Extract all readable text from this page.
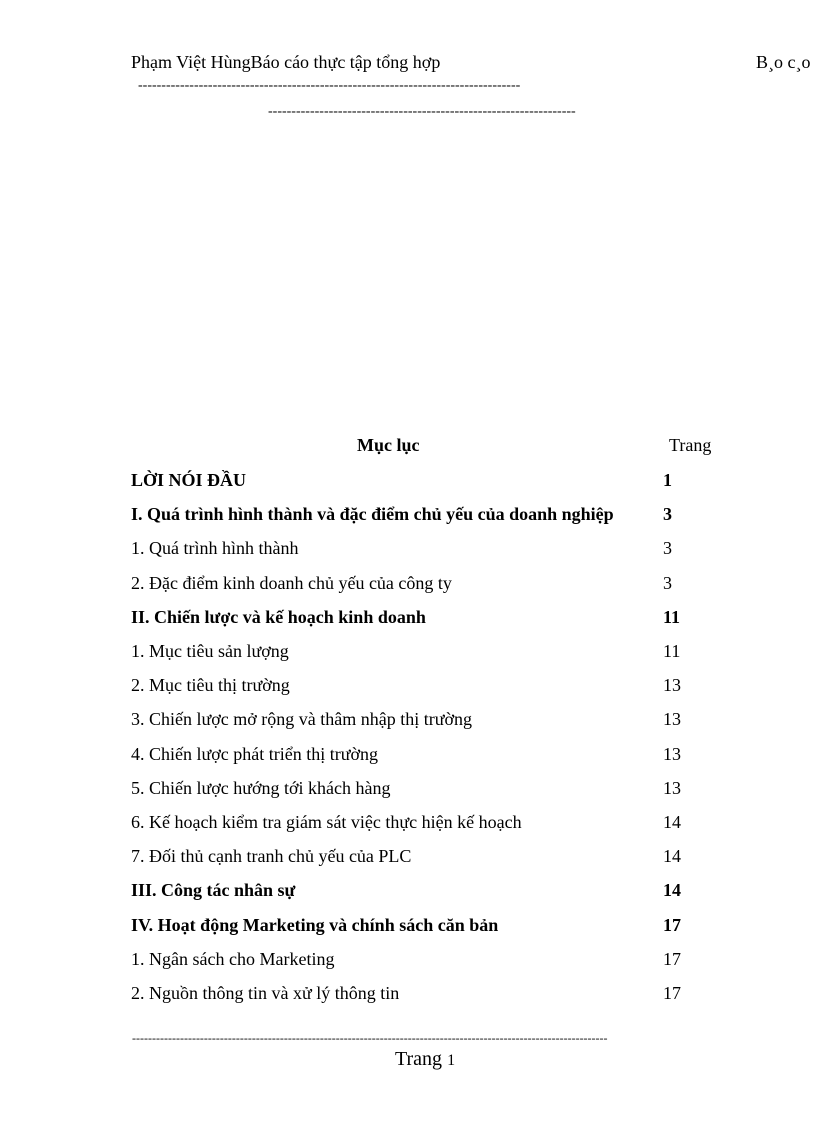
Phạm Việt HùngBáo cáo thực tập tổng hợp	B¸o c¸o
----------------------------------------------------------------------------------
------------------------------------------------------------------
Mục lục	Trang
LỜI NÓI ĐẦU	1
I. Quá trình hình thành và đặc điểm chủ yếu của doanh nghiệp	3
1. Quá trình hình thành	3
2. Đặc điểm kinh doanh chủ yếu của công ty	3
II. Chiến lược và kế hoạch kinh doanh	11
1. Mục tiêu sản lượng	11
2. Mục tiêu thị trường	13
3. Chiến lược mở rộng và thâm nhập thị trường	13
4. Chiến lược phát triển thị trường	13
5. Chiến lược hướng tới khách hàng	13
6. Kế hoạch kiểm tra giám sát việc thực hiện kế hoạch	14
7. Đối thủ cạnh tranh chủ yếu của PLC	14
III. Công tác nhân sự	14
IV. Hoạt động Marketing và chính sách căn bản	17
1. Ngân sách cho Marketing	17
2. Nguồn thông tin và xử lý thông tin	17
-----------------------------------------------------------------------------------------------------------------------
Trang 1
